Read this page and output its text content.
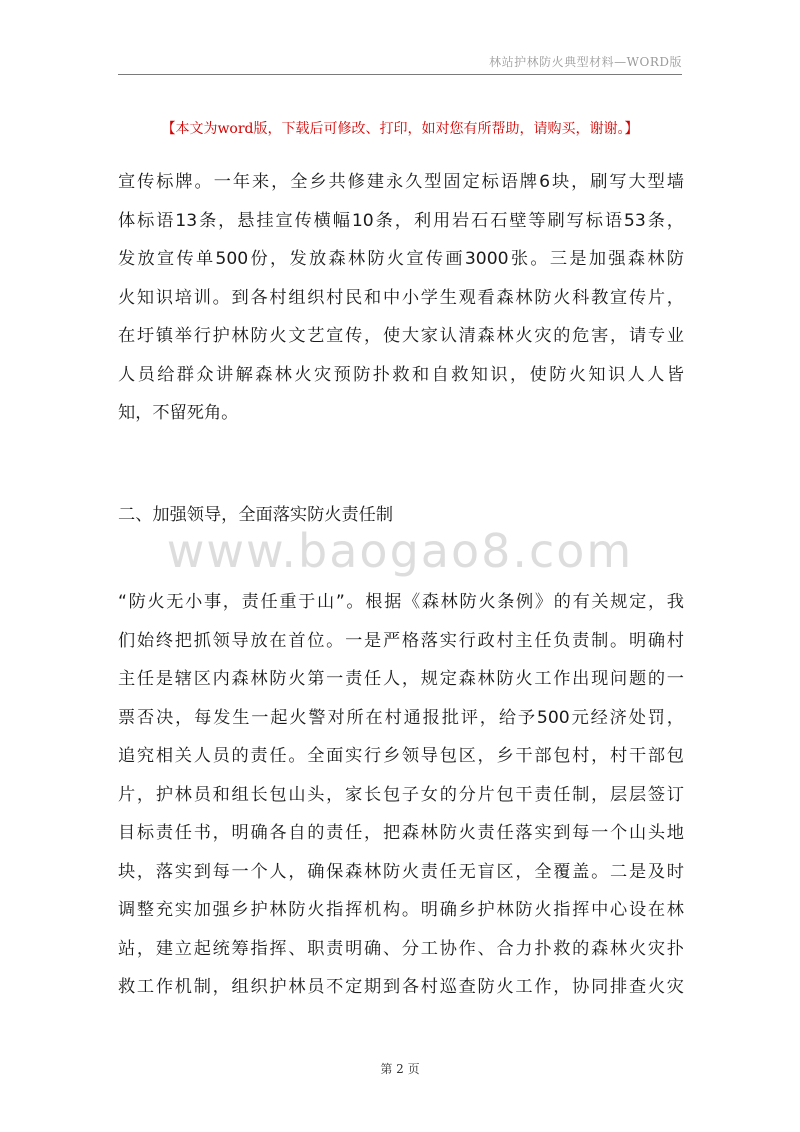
林站护林防火典型材料—WORD版
【本文为word版，下载后可修改、打印，如对您有所帮助，请购买，谢谢。】
宣传标牌。一年来，全乡共修建永久型固定标语牌6块，刷写大型墙
体标语13条，悬挂宣传横幅10条，利用岩石石壁等刷写标语53条，
发放宣传单500份，发放森林防火宣传画3000张。三是加强森林防
火知识培训。到各村组织村民和中小学生观看森林防火科教宣传片，
在圩镇举行护林防火文艺宣传，使大家认清森林火灾的危害，请专业
人员给群众讲解森林火灾预防扑救和自救知识，使防火知识人人皆
知，不留死角。
二、加强领导，全面落实防火责任制
www.baogao8.com
“防火无小事，责任重于山”。根据《森林防火条例》的有关规定，我
们始终把抓领导放在首位。一是严格落实行政村主任负责制。明确村
主任是辖区内森林防火第一责任人，规定森林防火工作出现问题的一
票否决，每发生一起火警对所在村通报批评，给予500元经济处罚，
追究相关人员的责任。全面实行乡领导包区，乡干部包村，村干部包
片，护林员和组长包山头，家长包子女的分片包干责任制，层层签订
目标责任书，明确各自的责任，把森林防火责任落实到每一个山头地
块，落实到每一个人，确保森林防火责任无盲区，全覆盖。二是及时
调整充实加强乡护林防火指挥机构。明确乡护林防火指挥中心设在林
站，建立起统筹指挥、职责明确、分工协作、合力扑救的森林火灾扑
救工作机制，组织护林员不定期到各村巡查防火工作，协同排查火灾
第 2 页
